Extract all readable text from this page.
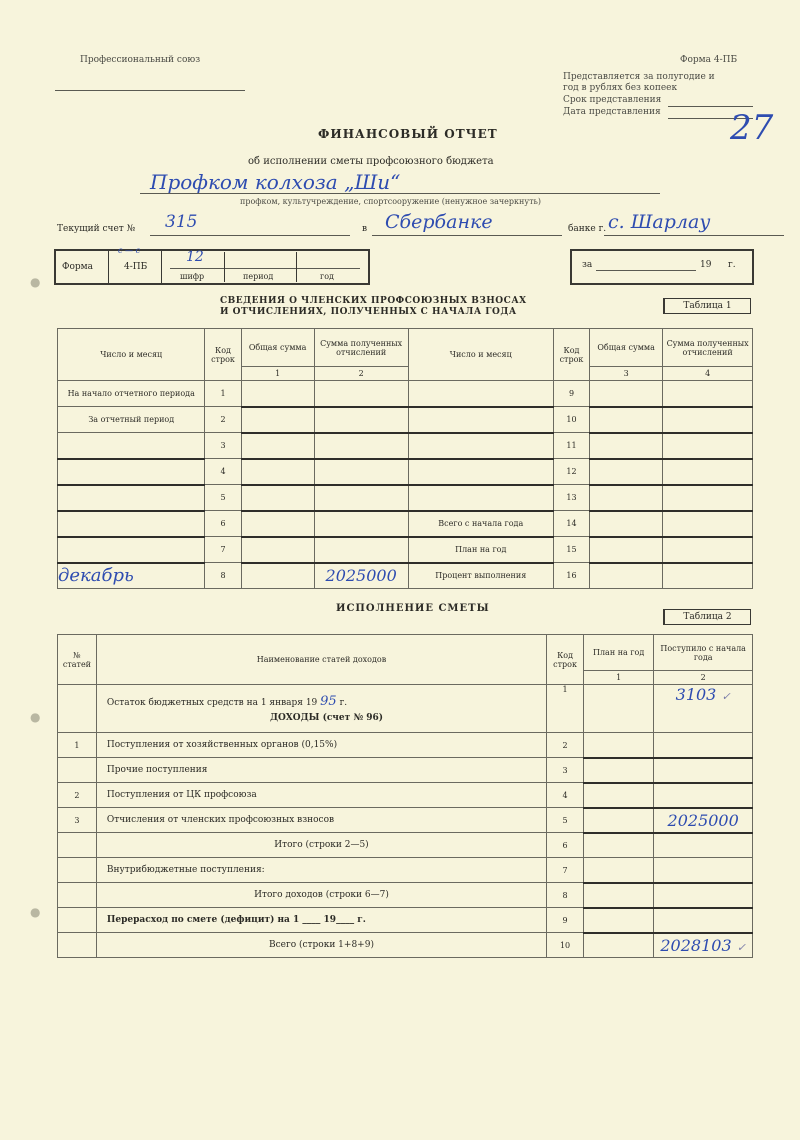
Профессиональный союз	Форма 4-ПБ
Представляется за полугодие и
год в рублях без копеек
Срок представления
Дата представления 27
ФИНАНСОВЫЙ ОТЧЕТ
об исполнении сметы профсоюзного бюджета
Профком колхоза „Ши“
профком, культучреждение, спортсооружение (ненужное зачеркнуть)
Текущий счет № 315	в Сбербанке	банке г. с. Шарлау
Форма	4-ПБ
с — с	12
шифр	период	год
за	19 г.
СВЕДЕНИЯ О ЧЛЕНСКИХ ПРОФСОЮЗНЫХ ВЗНОСАХ
И ОТЧИСЛЕНИЯХ, ПОЛУЧЕННЫХ С НАЧАЛА ГОДА
Таблица 1
Число и месяц	Код строк	Общая сумма	Сумма полученных отчислений	Число и месяц	Код строк	Общая сумма	Сумма полученных отчислений
		1	2			3	4
На начало отчетного периода	1				9		
За отчетный период	2				10		
	3				11		
	4				12		
	5				13		
	6			Всего с начала года	14		
	7			План на год	15		
декабрь	8		2025000	Процент выполнения	16		
ИСПОЛНЕНИЕ СМЕТЫ
Таблица 2
№ статей	Наименование статей доходов	Код строк	План на год	Поступило с начала года
			1	2
	Остаток бюджетных средств на 1 января 19 95 г.
ДОХОДЫ (счет № 96)	1		3103 ✓
1	Поступления от хозяйственных органов (0,15%)	2		
	Прочие поступления	3		
2	Поступления от ЦК профсоюза	4		
3	Отчисления от членских профсоюзных взносов	5		2025000
	Итого (строки 2—5)	6		
	Внутрибюджетные поступления:	7		
	Итого доходов (строки 6—7)	8		
	Перерасход по смете (дефицит) на 1 ____ 19____ г.	9		
	Всего (строки 1+8+9)	10		2028103 ✓
●
●
●
